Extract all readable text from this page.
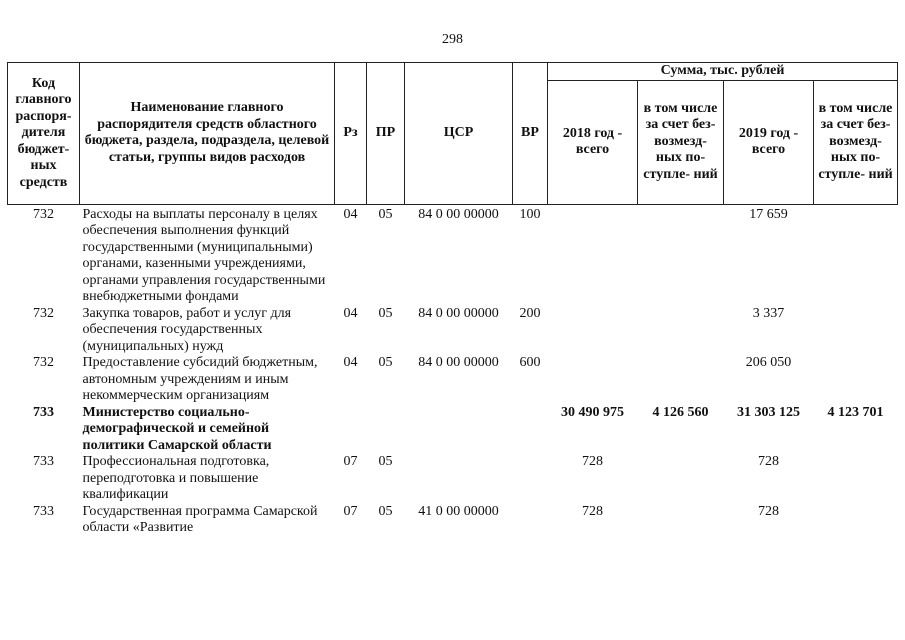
298
Код главного распоря- дителя бюджет- ных средств	Наименование главного распорядителя средств областного бюджета, раздела, подраздела, целевой статьи, группы видов расходов	Рз	ПР	ЦСР	ВР	Сумма, тыс. рублей			
						2018 год - всего	в том числе за счет без- возмезд- ных по- ступле- ний	2019 год - всего	в том числе за счет без- возмезд- ных по- ступле- ний
732	Расходы на выплаты персоналу в целях обеспечения выполнения функций государственными (муниципальными) органами, казенными учреждениями, органами управления государственными внебюджетными фондами	04	05	84 0 00 00000	100			17 659	
732	Закупка товаров, работ и услуг для обеспечения государственных (муниципальных) нужд	04	05	84 0 00 00000	200			3 337	
732	Предоставление субсидий бюджетным, автономным учреждениям и иным некоммерческим организациям	04	05	84 0 00 00000	600			206 050	
733	Министерство социально-демографической и семейной политики Самарской области					30 490 975	4 126 560	31 303 125	4 123 701
733	Профессиональная подготовка, переподготовка и повышение квалификации	07	05			728		728	
733	Государственная программа Самарской области «Развитие	07	05	41 0 00 00000		728		728	
